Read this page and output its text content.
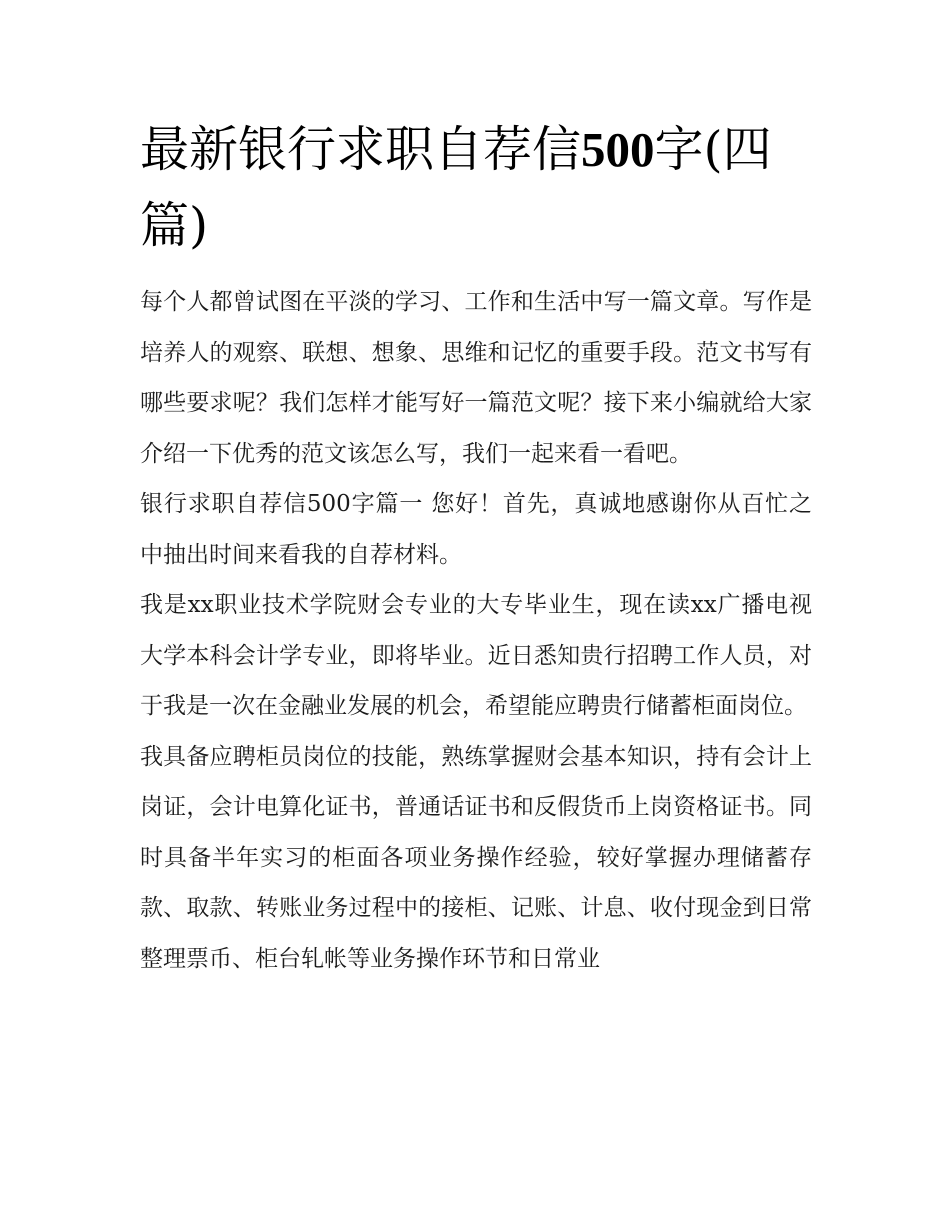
最新银行求职自荐信500字(四篇)

每个人都曾试图在平淡的学习、工作和生活中写一篇文章。写作是培养人的观察、联想、想象、思维和记忆的重要手段。范文书写有哪些要求呢？我们怎样才能写好一篇范文呢？接下来小编就给大家介绍一下优秀的范文该怎么写，我们一起来看一看吧。

银行求职自荐信500字篇一 您好！首先，真诚地感谢你从百忙之中抽出时间来看我的自荐材料。

我是xx职业技术学院财会专业的大专毕业生，现在读xx广播电视大学本科会计学专业，即将毕业。近日悉知贵行招聘工作人员，对于我是一次在金融业发展的机会，希望能应聘贵行储蓄柜面岗位。

我具备应聘柜员岗位的技能，熟练掌握财会基本知识，持有会计上岗证，会计电算化证书，普通话证书和反假货币上岗资格证书。同时具备半年实习的柜面各项业务操作经验，较好掌握办理储蓄存款、取款、转账业务过程中的接柜、记账、计息、收付现金到日常整理票币、柜台轧帐等业务操作环节和日常业
